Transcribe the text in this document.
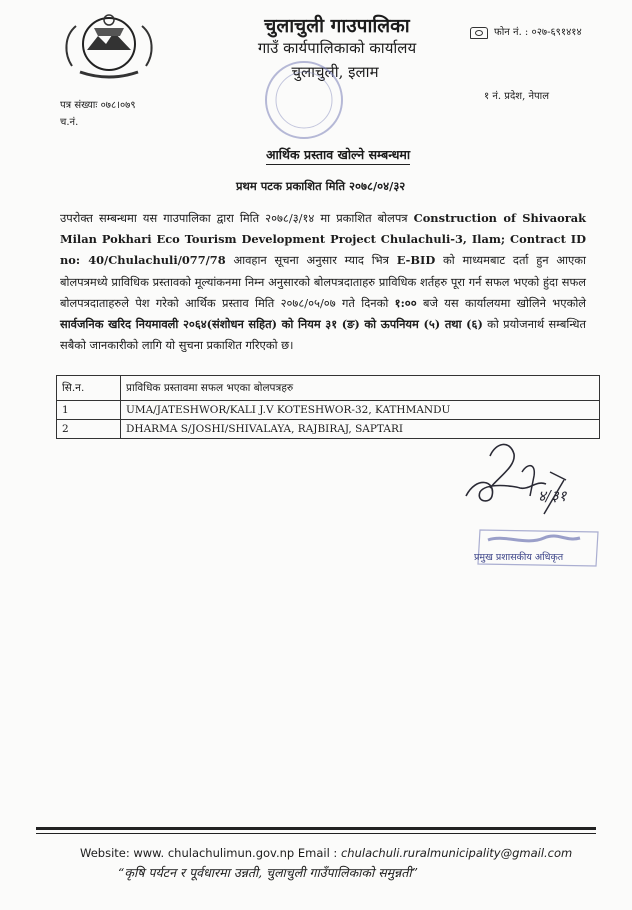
चुलाचुली गाउपालिका
गाउँ कार्यपालिकाको कार्यालय
चुलाचुली, इलाम
फोन नं. : ०२७-६९१४१४
१ नं. प्रदेश, नेपाल
पत्र संख्याः ०७८।०७९
च.नं.
आर्थिक प्रस्ताव खोल्ने सम्बन्धमा
प्रथम पटक प्रकाशित मिति २०७८/०४/३२
उपरोक्त सम्बन्धमा यस गाउपालिका द्वारा मिति २०७८/३/१४ मा प्रकाशित बोलपत्र Construction of Shivaorak Milan Pokhari Eco Tourism Development Project Chulachuli-3, Ilam; Contract ID no: 40/Chulachuli/077/78 आवहान सूचना अनुसार म्याद भित्र E-BID को माध्यमबाट दर्ता हुन आएका बोलपत्रमध्ये प्राविधिक प्रस्तावको मूल्यांकनमा निम्न अनुसारको बोलपत्रदाताहरु प्राविधिक शर्तहरु पूरा गर्न सफल भएको हुंदा सफल बोलपत्रदाताहरुले पेश गरेको आर्थिक प्रस्ताव मिति २०७८/०५/०७ गते दिनको १:०० बजे यस कार्यालयमा खोलिने भएकोले सार्वजनिक खरिद नियमावली २०६४(संशोधन सहित) को नियम ३१ (ङ) को ऊपनियम (५) तथा (६) को प्रयोजनार्थ सम्बन्धित सबैको जानकारीको लागि यो सुचना प्रकाशित गरिएको छ।
सि.न.	प्राविधिक प्रस्तावमा सफल भएका बोलपत्रहरु
1	UMA/JATESHWOR/KALI J.V KOTESHWOR-32, KATHMANDU
2	DHARMA S/JOSHI/SHIVALAYA, RAJBIRAJ, SAPTARI
४/३१
प्रमुख प्रशासकीय अधिकृत
Website: www. chulachulimun.gov.np Email : chulachuli.ruralmunicipality@gmail.com
“कृषि पर्यटन र पूर्वधारमा उन्नती, चुलाचुली गाउँपालिकाको समुन्नती”
